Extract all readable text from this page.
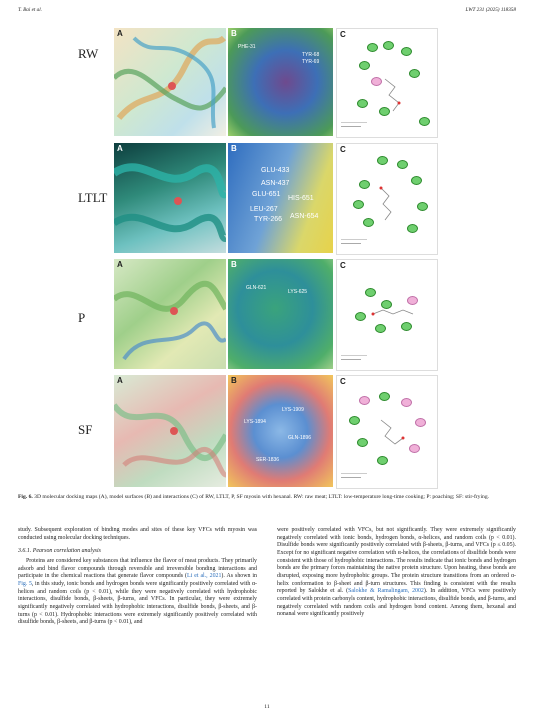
T. Bai et al.	LWT 231 (2025) 118358
RW
A
PHE-31
TYR-68
TYR-69
B	C
LTLT
A
GLU-433
ASN-437
GLU-651
HIS-651
LEU-267
ASN-654
TYR-266
B	C
P
A
GLN-621
LYS-625
B	C
SF
A
LYS-1909
LYS-1894
GLN-1896
SER-1836
B	C
Fig. 6. 3D molecular docking maps (A), model surfaces (B) and interactions (C) of RW, LTLT, P, SF myosin with hexanal. RW: raw meat; LTLT: low-temperature long-time cooking; P: poaching; SF: stir-frying.

study. Subsequent exploration of binding modes and sites of these key VFCs with myosin was conducted using molecular docking techniques.

3.6.1. Pearson correlation analysis

Proteins are considered key substances that influence the flavor of meat products. They primarily adsorb and bind flavor compounds through reversible and irreversible bonding interactions and participate in the chemical reactions that generate flavor compounds (Li et al., 2021). As shown in Fig. 5, in this study, ionic bonds and hydrogen bonds were significantly positively correlated with α-helices and random coils (p < 0.01), while they were negatively correlated with hydrophobic interactions, disulfide bonds, β-sheets, β-turns, and VFCs. In particular, they were extremely significantly negatively correlated with hydrophobic interactions, disulfide bonds, β-sheets, and β-turns (p < 0.01). Hydrophobic interactions were extremely significantly positively correlated with disulfide bonds, β-sheets, and β-turns (p < 0.01), and

were positively correlated with VFCs, but not significantly. They were extremely significantly negatively correlated with ionic bonds, hydrogen bonds, α-helices, and random coils (p < 0.01). Disulfide bonds were significantly positively correlated with β-sheets, β-turns, and VFCs (p ≤ 0.05). Except for no significant negative correlation with α-helices, the correlations of disulfide bonds were consistent with those of hydrophobic interactions. The results indicate that ionic bonds and hydrogen bonds are the primary forces maintaining the native protein structure. Upon heating, these bonds are disrupted, exposing more hydrophobic groups. The protein structure transitions from an ordered α-helix conformation to β-sheet and β-turn structures. This finding is consistent with the results reported by Salokhe et al. (Salokhe & Ramalingam, 2002). In addition, VFCs were positively correlated with protein carbonyls content, hydrophobic interactions, disulfide bonds, and β-turns, and negatively correlated with random coils and hydrogen bond content. Among them, hexanal and nonanal were significantly positively

11
